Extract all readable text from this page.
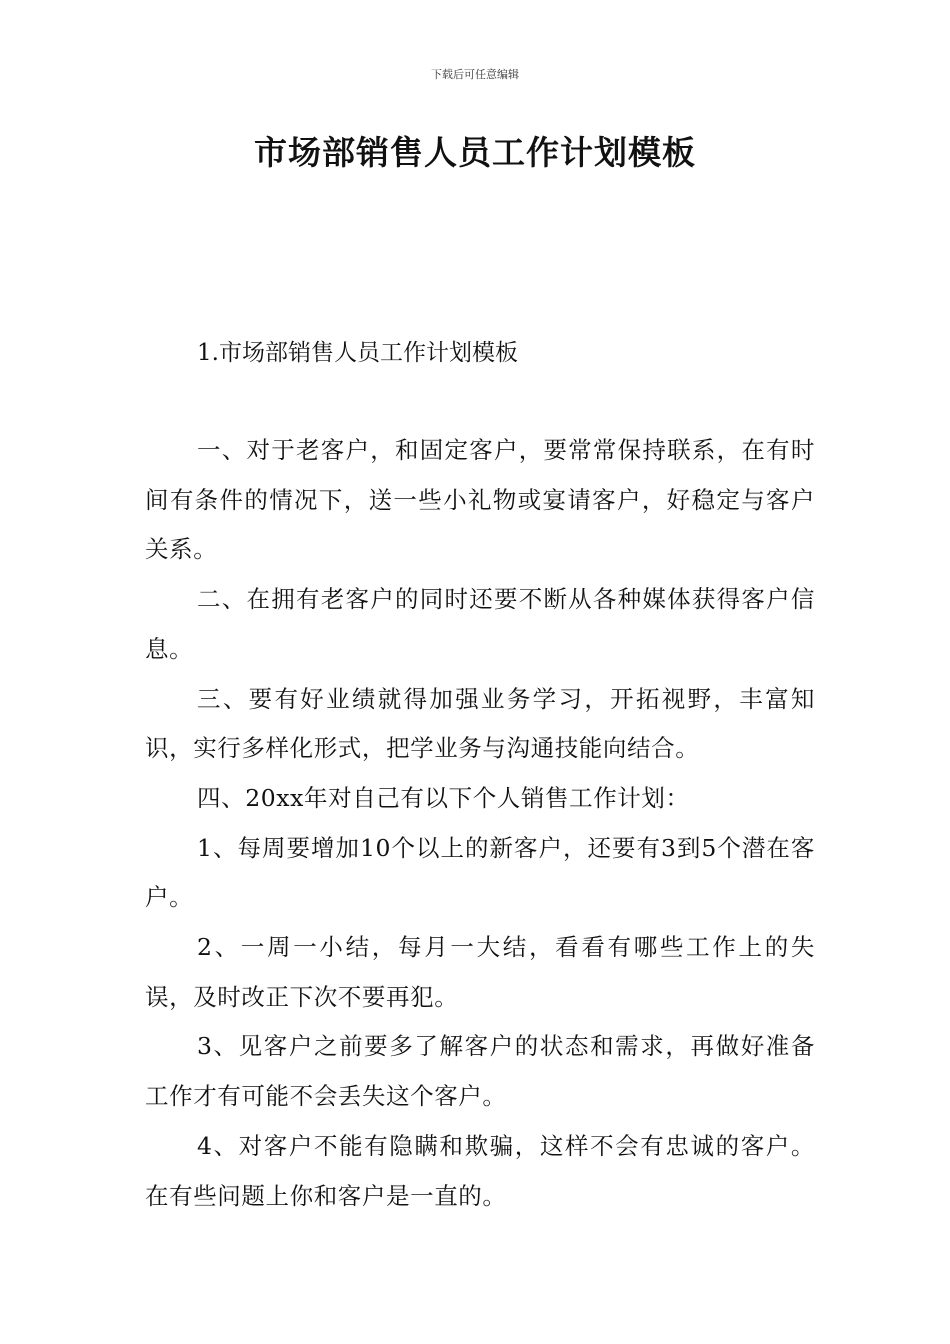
下载后可任意编辑
市场部销售人员工作计划模板
1.市场部销售人员工作计划模板

一、对于老客户，和固定客户，要常常保持联系，在有时间有条件的情况下，送一些小礼物或宴请客户，好稳定与客户关系。

二、在拥有老客户的同时还要不断从各种媒体获得客户信息。

三、要有好业绩就得加强业务学习，开拓视野，丰富知识，实行多样化形式，把学业务与沟通技能向结合。

四、20xx年对自己有以下个人销售工作计划：

1、每周要增加10个以上的新客户，还要有3到5个潜在客户。

2、一周一小结，每月一大结，看看有哪些工作上的失误，及时改正下次不要再犯。

3、见客户之前要多了解客户的状态和需求，再做好准备工作才有可能不会丢失这个客户。

4、对客户不能有隐瞒和欺骗，这样不会有忠诚的客户。在有些问题上你和客户是一直的。
